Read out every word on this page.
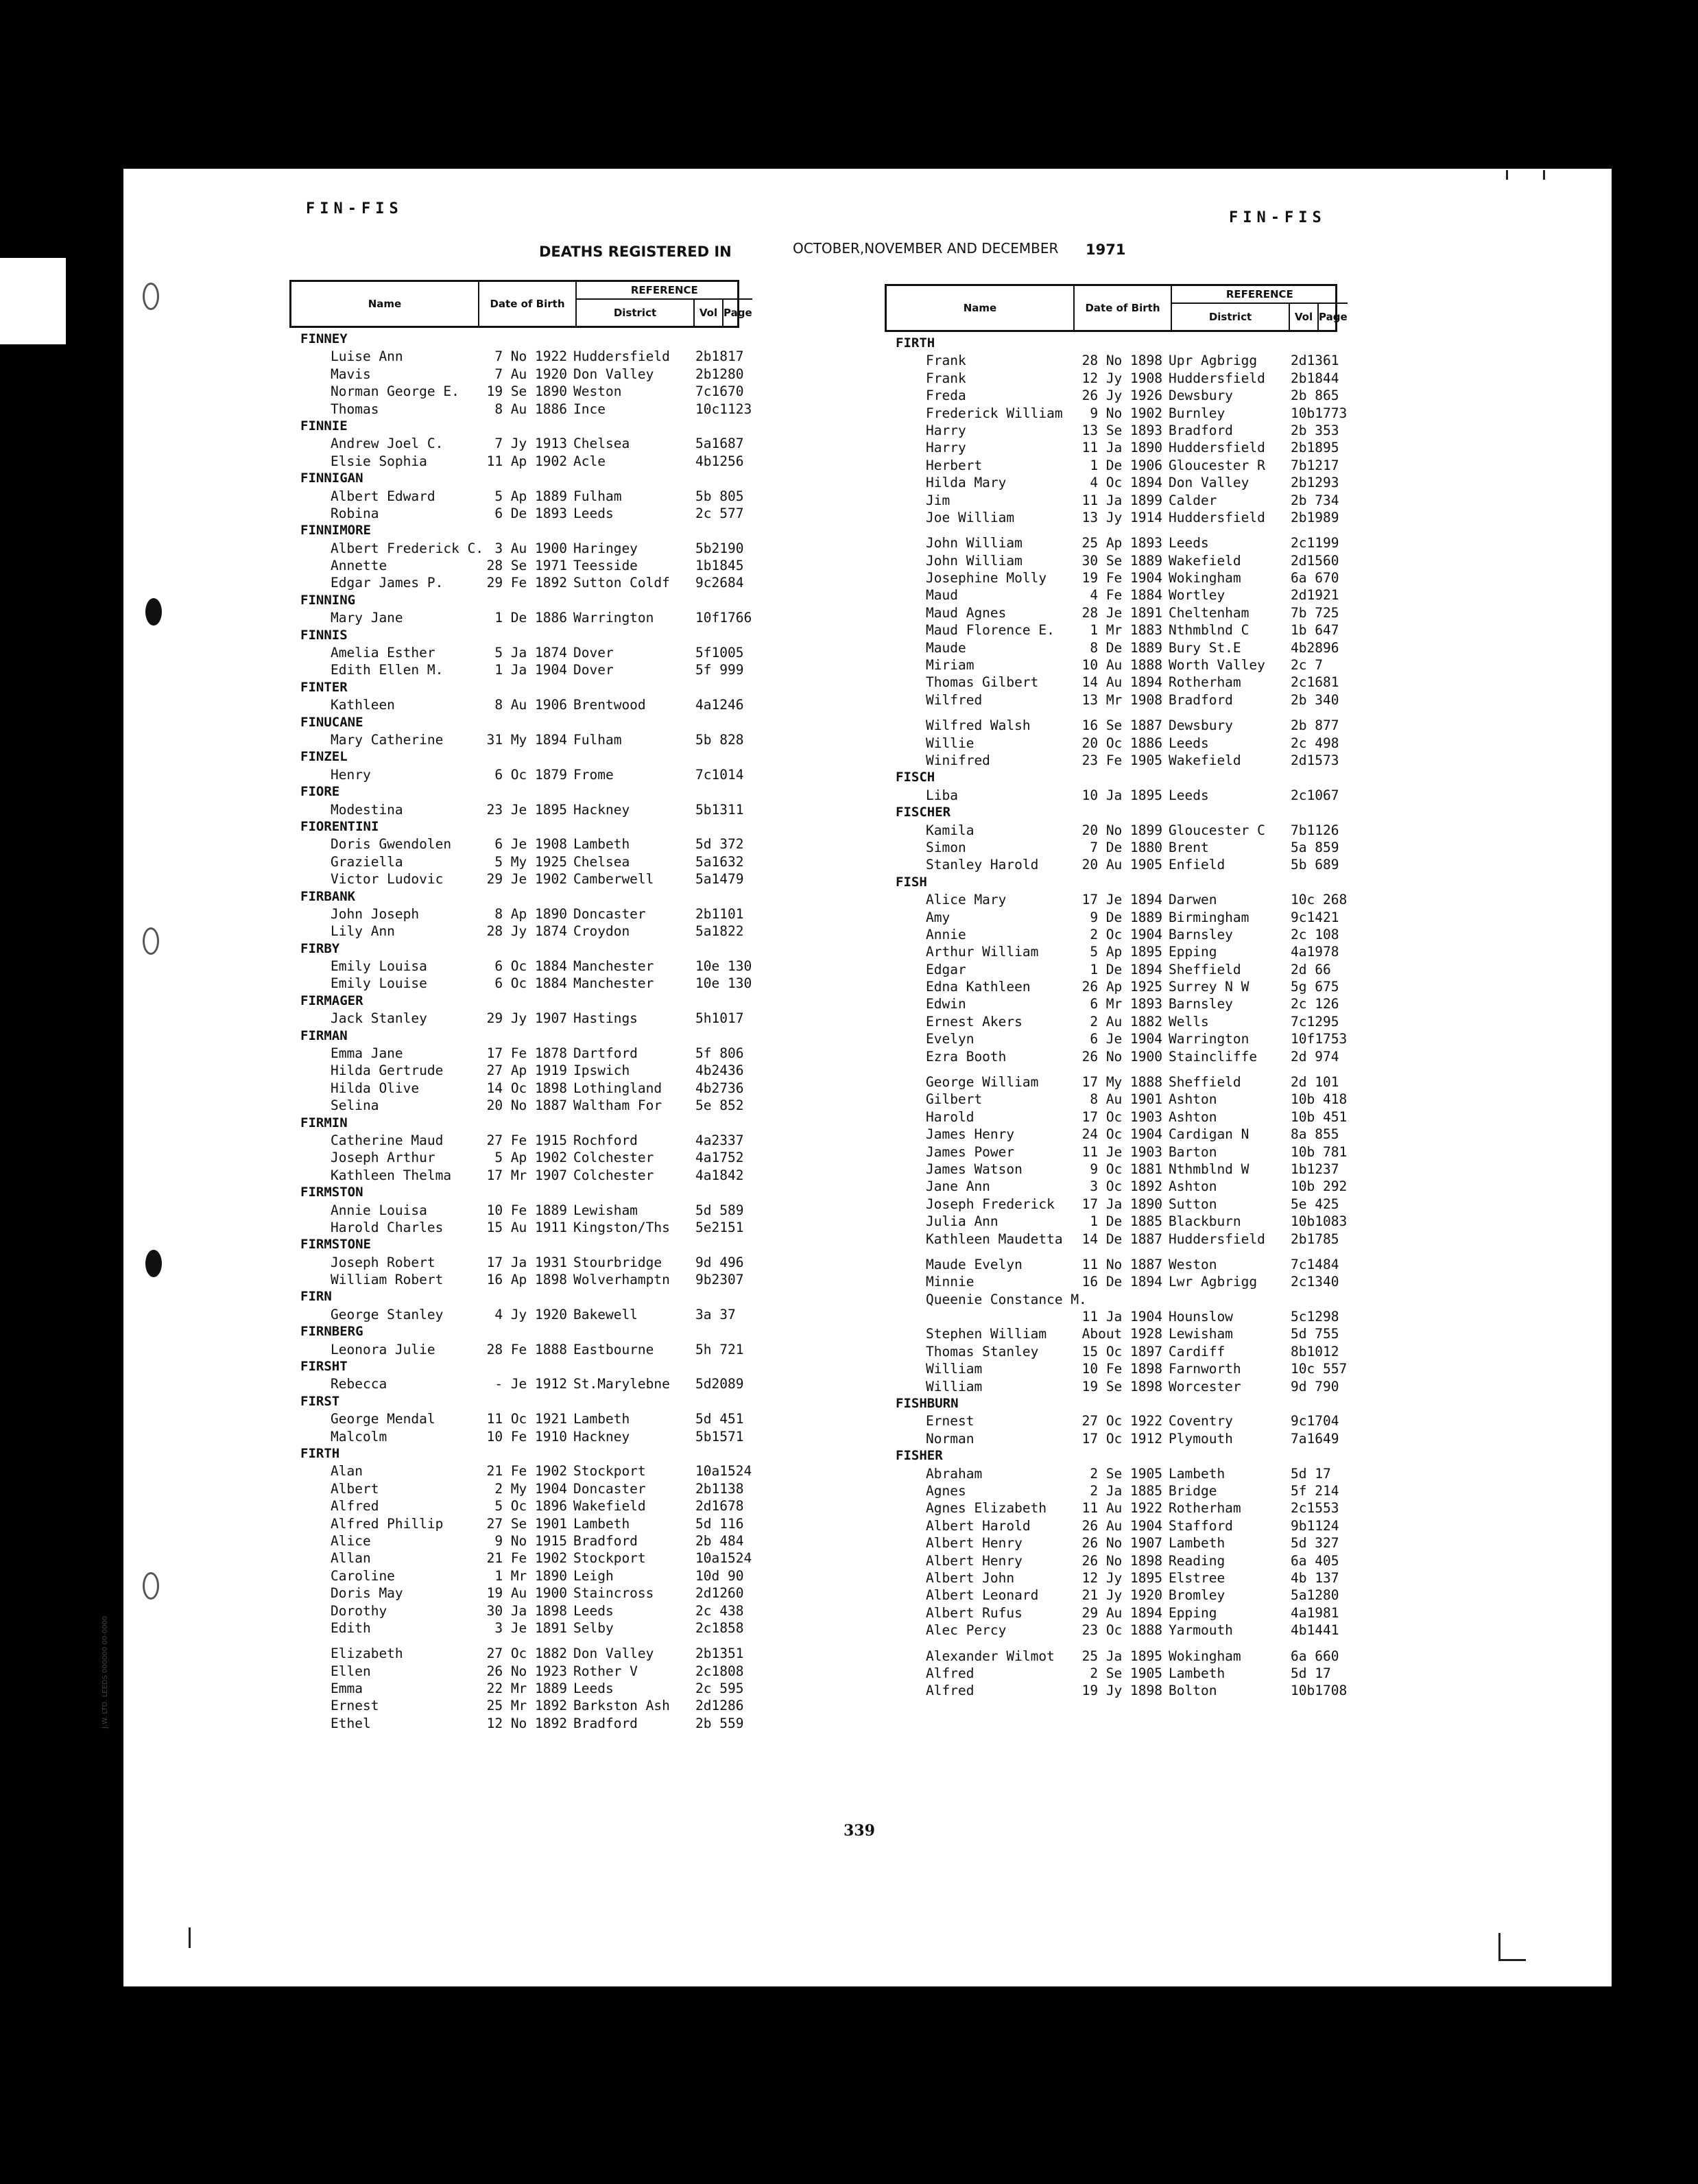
FIN-FIS
FIN-FIS
DEATHS REGISTERED IN	OCTOBER,NOVEMBER AND DECEMBER 1971
Name	Date of Birth
REFERENCE
District	Vol Page
FINNEY
Luise Ann	7 No 1922 Huddersfield 2b1817
Mavis	7 Au 1920 Don Valley	2b1280
Norman George E.	19 Se 1890 Weston	7c1670
Thomas	8 Au 1886 Ince	10c1123
FINNIE
Andrew Joel C.	7 Jy 1913 Chelsea	5a1687
Elsie Sophia	11 Ap 1902 Acle	4b1256
FINNIGAN
Albert Edward	5 Ap 1889 Fulham	5b 805
Robina	6 De 1893 Leeds	2c 577
FINNIMORE
Albert Frederick C. 3 Au 1900 Haringey	5b2190
Annette	28 Se 1971 Teesside	1b1845
Edgar James P.	29 Fe 1892 Sutton Coldf 9c2684
FINNING
Mary Jane	1 De 1886 Warrington	10f1766
FINNIS
Amelia Esther	5 Ja 1874 Dover	5f1005
Edith Ellen M.	1 Ja 1904 Dover	5f 999
FINTER
Kathleen	8 Au 1906 Brentwood	4a1246
FINUCANE
Mary Catherine	31 My 1894 Fulham	5b 828
FINZEL
Henry	6 Oc 1879 Frome	7c1014
FIORE
Modestina	23 Je 1895 Hackney	5b1311
FIORENTINI
Doris Gwendolen	6 Je 1908 Lambeth	5d 372
Graziella	5 My 1925 Chelsea	5a1632
Victor Ludovic	29 Je 1902 Camberwell	5a1479
FIRBANK
John Joseph	8 Ap 1890 Doncaster	2b1101
Lily Ann	28 Jy 1874 Croydon	5a1822
FIRBY
Emily Louisa	6 Oc 1884 Manchester	10e 130
Emily Louise	6 Oc 1884 Manchester	10e 130
FIRMAGER
Jack Stanley	29 Jy 1907 Hastings	5h1017
FIRMAN
Emma Jane	17 Fe 1878 Dartford	5f 806
Hilda Gertrude	27 Ap 1919 Ipswich	4b2436
Hilda Olive	14 Oc 1898 Lothingland	4b2736
Selina	20 No 1887 Waltham For	5e 852
FIRMIN
Catherine Maud	27 Fe 1915 Rochford	4a2337
Joseph Arthur	5 Ap 1902 Colchester	4a1752
Kathleen Thelma	17 Mr 1907 Colchester	4a1842
FIRMSTON
Annie Louisa	10 Fe 1889 Lewisham	5d 589
Harold Charles	15 Au 1911 Kingston/Ths 5e2151
FIRMSTONE
Joseph Robert	17 Ja 1931 Stourbridge	9d 496
William Robert	16 Ap 1898 Wolverhamptn 9b2307
FIRN
George Stanley	4 Jy 1920 Bakewell	3a 37
FIRNBERG
Leonora Julie	28 Fe 1888 Eastbourne	5h 721
FIRSHT
Rebecca	- Je 1912 St.Marylebne 5d2089
FIRST
George Mendal	11 Oc 1921 Lambeth	5d 451
Malcolm	10 Fe 1910 Hackney	5b1571
FIRTH
Alan	21 Fe 1902 Stockport	10a1524
Albert	2 My 1904 Doncaster	2b1138
Alfred	5 Oc 1896 Wakefield	2d1678
Alfred Phillip	27 Se 1901 Lambeth	5d 116
Alice	9 No 1915 Bradford	2b 484
Allan	21 Fe 1902 Stockport	10a1524
Caroline	1 Mr 1890 Leigh	10d 90
Doris May	19 Au 1900 Staincross	2d1260
Dorothy	30 Ja 1898 Leeds	2c 438
Edith	3 Je 1891 Selby	2c1858
Elizabeth	27 Oc 1882 Don Valley	2b1351
Ellen	26 No 1923 Rother V	2c1808
Emma	22 Mr 1889 Leeds	2c 595
Ernest	25 Mr 1892 Barkston Ash 2d1286
Ethel	12 No 1892 Bradford	2b 559
Name	Date of Birth
REFERENCE
District	Vol Page
FIRTH
Frank	28 No 1898 Upr Agbrigg	2d1361
Frank	12 Jy 1908 Huddersfield 2b1844
Freda	26 Jy 1926 Dewsbury	2b 865
Frederick William	9 No 1902 Burnley	10b1773
Harry	13 Se 1893 Bradford	2b 353
Harry	11 Ja 1890 Huddersfield 2b1895
Herbert	1 De 1906 Gloucester R 7b1217
Hilda Mary	4 Oc 1894 Don Valley	2b1293
Jim	11 Ja 1899 Calder	2b 734
Joe William	13 Jy 1914 Huddersfield 2b1989
John William	25 Ap 1893 Leeds	2c1199
John William	30 Se 1889 Wakefield	2d1560
Josephine Molly	19 Fe 1904 Wokingham	6a 670
Maud	4 Fe 1884 Wortley	2d1921
Maud Agnes	28 Je 1891 Cheltenham	7b 725
Maud Florence E.	1 Mr 1883 Nthmblnd C	1b 647
Maude	8 De 1889 Bury St.E	4b2896
Miriam	10 Au 1888 Worth Valley 2c 7
Thomas Gilbert	14 Au 1894 Rotherham	2c1681
Wilfred	13 Mr 1908 Bradford	2b 340
Wilfred Walsh	16 Se 1887 Dewsbury	2b 877
Willie	20 Oc 1886 Leeds	2c 498
Winifred	23 Fe 1905 Wakefield	2d1573
FISCH
Liba	10 Ja 1895 Leeds	2c1067
FISCHER
Kamila	20 No 1899 Gloucester C 7b1126
Simon	7 De 1880 Brent	5a 859
Stanley Harold	20 Au 1905 Enfield	5b 689
FISH
Alice Mary	17 Je 1894 Darwen	10c 268
Amy	9 De 1889 Birmingham	9c1421
Annie	2 Oc 1904 Barnsley	2c 108
Arthur William	5 Ap 1895 Epping	4a1978
Edgar	1 De 1894 Sheffield	2d 66
Edna Kathleen	26 Ap 1925 Surrey N W	5g 675
Edwin	6 Mr 1893 Barnsley	2c 126
Ernest Akers	2 Au 1882 Wells	7c1295
Evelyn	6 Je 1904 Warrington	10f1753
Ezra Booth	26 No 1900 Staincliffe	2d 974
George William	17 My 1888 Sheffield	2d 101
Gilbert	8 Au 1901 Ashton	10b 418
Harold	17 Oc 1903 Ashton	10b 451
James Henry	24 Oc 1904 Cardigan N	8a 855
James Power	11 Je 1903 Barton	10b 781
James Watson	9 Oc 1881 Nthmblnd W	1b1237
Jane Ann	3 Oc 1892 Ashton	10b 292
Joseph Frederick	17 Ja 1890 Sutton	5e 425
Julia Ann	1 De 1885 Blackburn	10b1083
Kathleen Maudetta	14 De 1887 Huddersfield 2b1785
Maude Evelyn	11 No 1887 Weston	7c1484
Minnie	16 De 1894 Lwr Agbrigg	2c1340
Queenie Constance M.
11 Ja 1904 Hounslow	5c1298
Stephen William	About 1928 Lewisham	5d 755
Thomas Stanley	15 Oc 1897 Cardiff	8b1012
William	10 Fe 1898 Farnworth	10c 557
William	19 Se 1898 Worcester	9d 790
FISHBURN
Ernest	27 Oc 1922 Coventry	9c1704
Norman	17 Oc 1912 Plymouth	7a1649
FISHER
Abraham	2 Se 1905 Lambeth	5d 17
Agnes	2 Ja 1885 Bridge	5f 214
Agnes Elizabeth	11 Au 1922 Rotherham	2c1553
Albert Harold	26 Au 1904 Stafford	9b1124
Albert Henry	26 No 1907 Lambeth	5d 327
Albert Henry	26 No 1898 Reading	6a 405
Albert John	12 Jy 1895 Elstree	4b 137
Albert Leonard	21 Jy 1920 Bromley	5a1280
Albert Rufus	29 Au 1894 Epping	4a1981
Alec Percy	23 Oc 1888 Yarmouth	4b1441
Alexander Wilmot	25 Ja 1895 Wokingham	6a 660
Alfred	2 Se 1905 Lambeth	5d 17
Alfred	19 Jy 1898 Bolton	10b1708
339
J.W. LTD. LEEDS 000000 00-0000
